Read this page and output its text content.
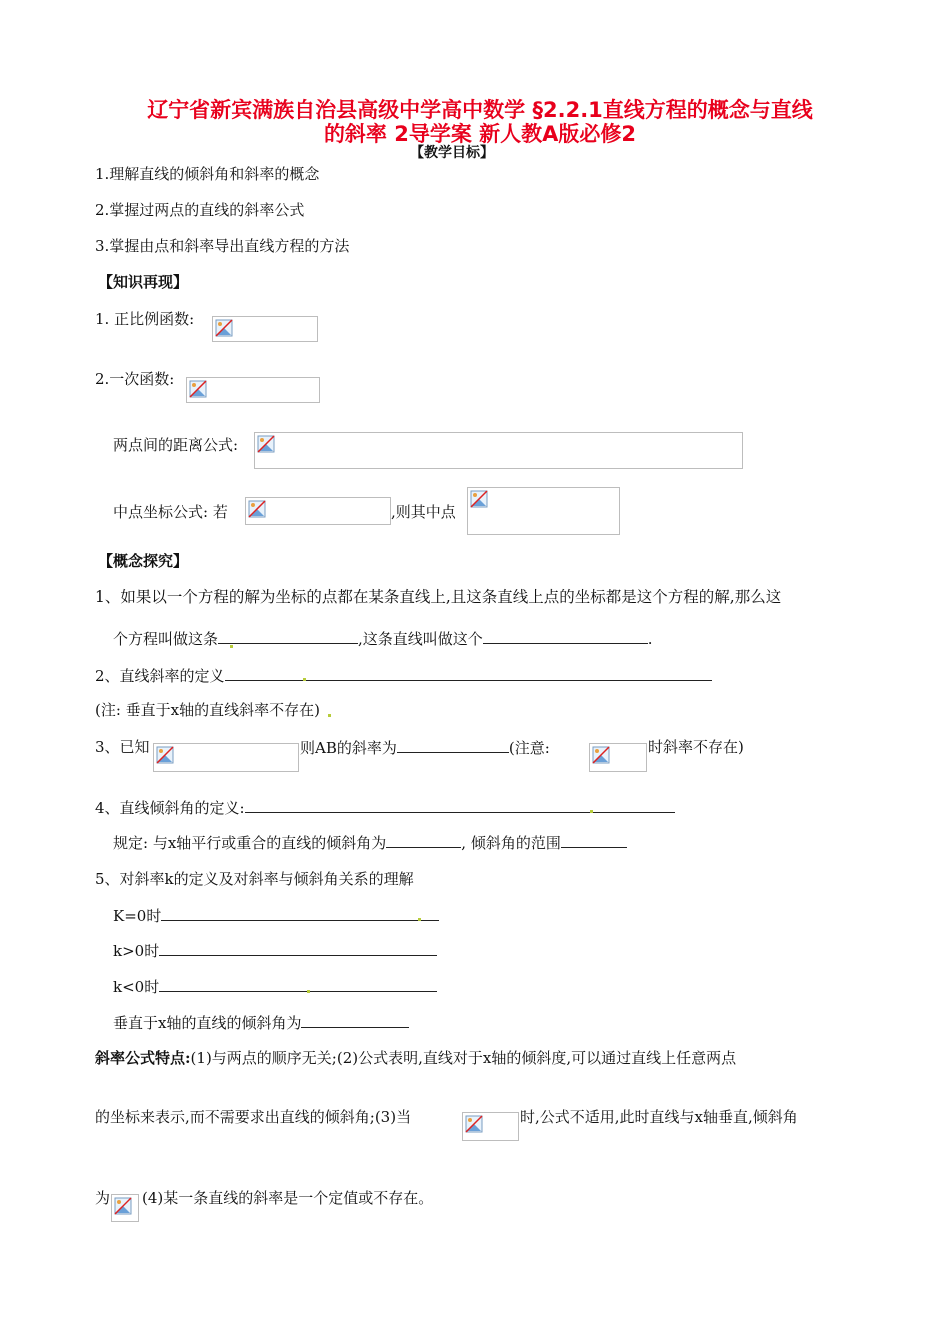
辽宁省新宾满族自治县高级中学高中数学 §2.2.1直线方程的概念与直线
的斜率 2导学案 新人教A版必修2
【教学目标】
1.理解直线的倾斜角和斜率的概念
2.掌握过两点的直线的斜率公式
3.掌握由点和斜率导出直线方程的方法
【知识再现】
1. 正比例函数:
2.一次函数:
两点间的距离公式:
中点坐标公式: 若	,则其中点
【概念探究】
1、如果以一个方程的解为坐标的点都在某条直线上,且这条直线上点的坐标都是这个方程的解,那么这
个方程叫做这条	,这条直线叫做这个	.
2、直线斜率的定义
(注: 垂直于x轴的直线斜率不存在)
3、已知	则AB的斜率为	(注意:	时斜率不存在)
4、直线倾斜角的定义:
规定: 与x轴平行或重合的直线的倾斜角为	, 倾斜角的范围
5、对斜率k的定义及对斜率与倾斜角关系的理解
K=0时
k>0时
k<0时
垂直于x轴的直线的倾斜角为
斜率公式特点:(1)与两点的顺序无关;(2)公式表明,直线对于x轴的倾斜度,可以通过直线上任意两点
的坐标来表示,而不需要求出直线的倾斜角;(3)当	时,公式不适用,此时直线与x轴垂直,倾斜角
为 (4)某一条直线的斜率是一个定值或不存在。
